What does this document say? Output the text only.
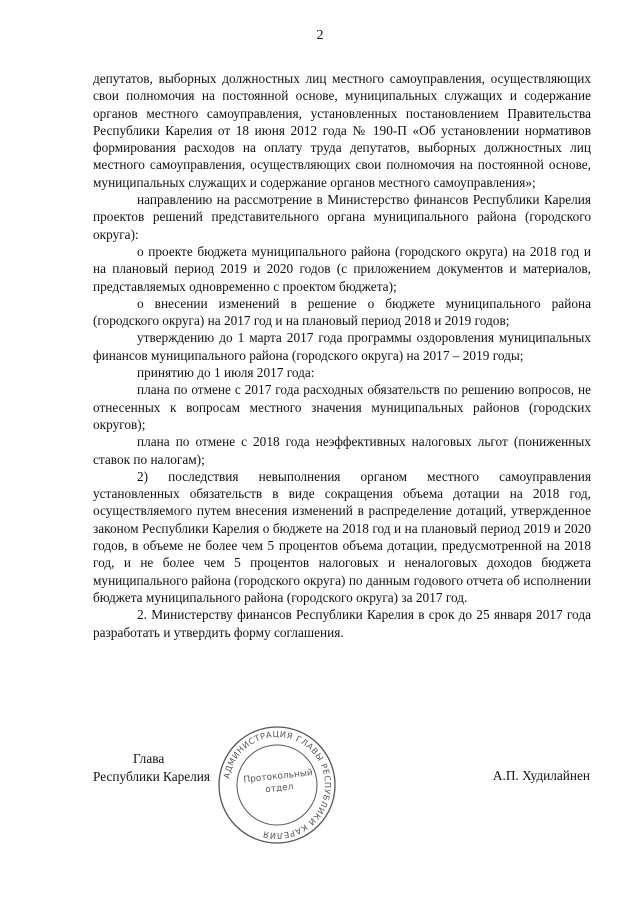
2

депутатов, выборных должностных лиц местного самоуправления, осуществляющих свои полномочия на постоянной основе, муниципальных служащих и содержание органов местного самоуправления, установленных постановлением Правительства Республики Карелия от 18 июня 2012 года № 190-П «Об установлении нормативов формирования расходов на оплату труда депутатов, выборных должностных лиц местного самоуправления, осуществляющих свои полномочия на постоянной основе, муниципальных служащих и содержание органов местного самоуправления»;

направлению на рассмотрение в Министерство финансов Республики Карелия проектов решений представительного органа муниципального района (городского округа):

о проекте бюджета муниципального района (городского округа) на 2018 год и на плановый период 2019 и 2020 годов (с приложением документов и материалов, представляемых одновременно с проектом бюджета);

о внесении изменений в решение о бюджете муниципального района (городского округа) на 2017 год и на плановый период 2018 и 2019 годов;

утверждению до 1 марта 2017 года программы оздоровления муниципальных финансов муниципального района (городского округа) на 2017 – 2019 годы;

принятию до 1 июля 2017 года:

плана по отмене с 2017 года расходных обязательств по решению вопросов, не отнесенных к вопросам местного значения муниципальных районов (городских округов);

плана по отмене с 2018 года неэффективных налоговых льгот (пониженных ставок по налогам);

2) последствия невыполнения органом местного самоуправления установленных обязательств в виде сокращения объема дотации на 2018 год, осуществляемого путем внесения изменений в распределение дотаций, утвержденное законом Республики Карелия о бюджете на 2018 год и на плановый период 2019 и 2020 годов, в объеме не более чем 5 процентов объема дотации, предусмотренной на 2018 год, и не более чем 5 процентов налоговых и неналоговых доходов бюджета муниципального района (городского округа) по данным годового отчета об исполнении бюджета муниципального района (городского округа) за 2017 год.

2. Министерству финансов Республики Карелия в срок до 25 января 2017 года разработать и утвердить форму соглашения.

Глава
Республики Карелия АДМИНИСТРАЦИЯ ГЛАВЫ РЕСПУБЛИКИ КАРЕЛИЯ
Протокольный
отдел
А.П. Худилайнен
